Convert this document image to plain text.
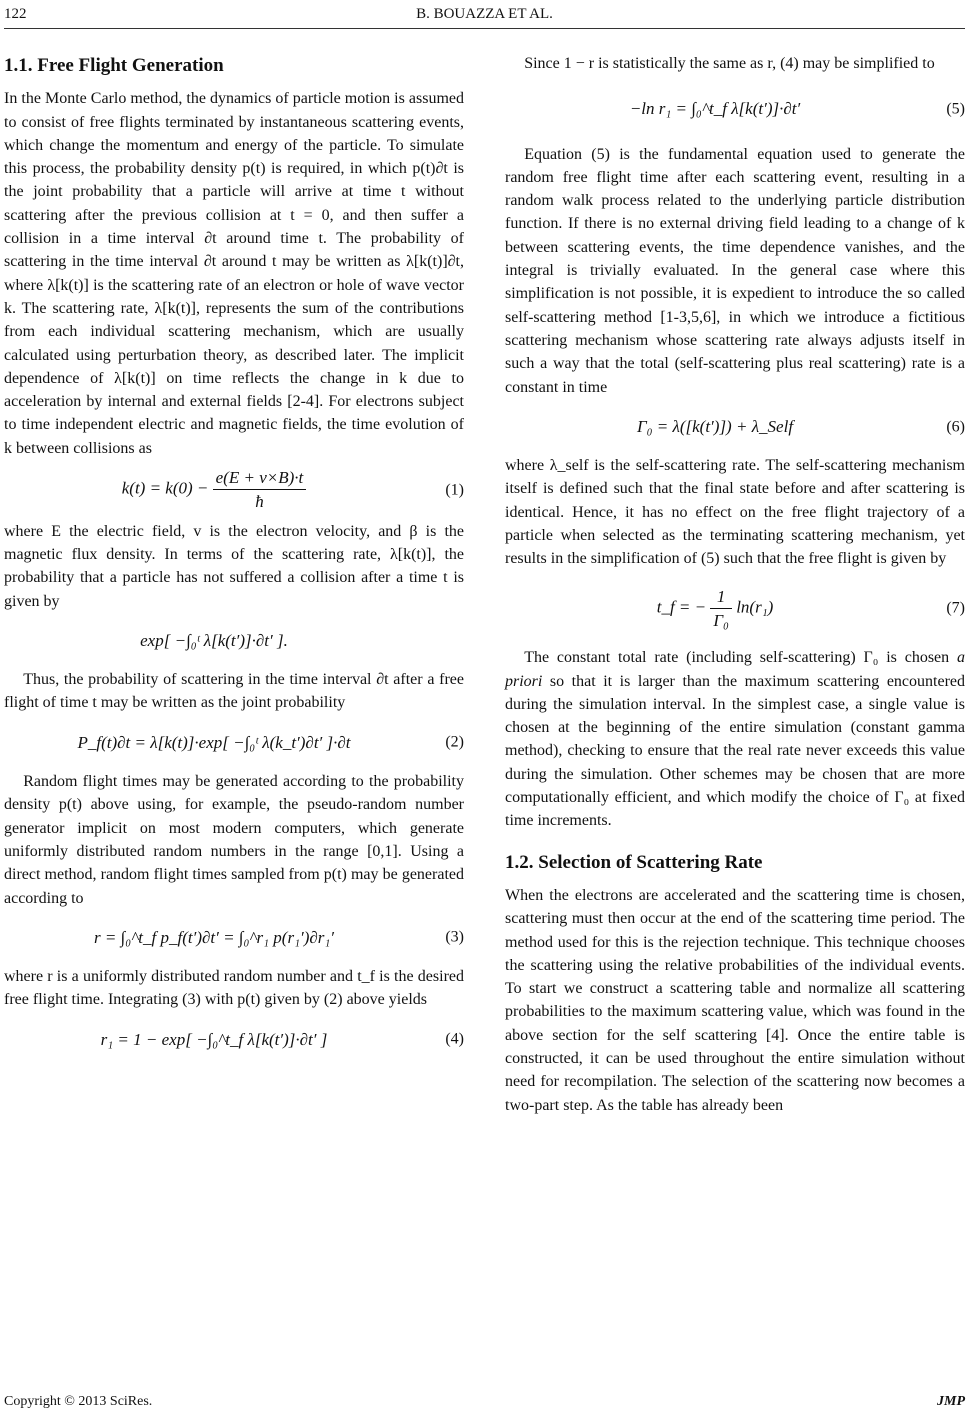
122	B. BOUAZZA ET AL.
1.1. Free Flight Generation

In the Monte Carlo method, the dynamics of particle motion is assumed to consist of free flights terminated by instantaneous scattering events, which change the momentum and energy of the particle. To simulate this process, the probability density p(t) is required, in which p(t)∂t is the joint probability that a particle will arrive at time t without scattering after the previous collision at t = 0, and then suffer a collision in a time interval ∂t around time t. The probability of scattering in the time interval ∂t around t may be written as λ[k(t)]∂t, where λ[k(t)] is the scattering rate of an electron or hole of wave vector k. The scattering rate, λ[k(t)], represents the sum of the contributions from each individual scattering mechanism, which are usually calculated using perturbation theory, as described later. The implicit dependence of λ[k(t)] on time reflects the change in k due to acceleration by internal and external fields [2-4]. For electrons subject to time independent electric and magnetic fields, the time evolution of k between collisions as

$k(t) = k(0) - \frac{e(E + v\times B)\cdot t}{ħ}$	(1)

where E the electric field, v is the electron velocity, and β is the magnetic flux density. In terms of the scattering rate, λ[k(t)], the probability that a particle has not suffered a collision after a time t is given by

exp[ −∫₀ᵗ λ[k(t′)]·∂t′ ].

Thus, the probability of scattering in the time interval ∂t after a free flight of time t may be written as the joint probability

P_f(t)∂t = λ[k(t)]·exp[ −∫₀ᵗ λ(k_t′)∂t′ ]·∂t	(2)

Random flight times may be generated according to the probability density p(t) above using, for example, the pseudo-random number generator implicit on most modern computers, which generate uniformly distributed random numbers in the range [0,1]. Using a direct method, random flight times sampled from p(t) may be generated according to

r = ∫₀^t_f p_f(t′)∂t′ = ∫₀^r₁ p(r₁′)∂r₁′	(3)

where r is a uniformly distributed random number and t_f is the desired free flight time. Integrating (3) with p(t) given by (2) above yields

r₁ = 1 − exp[ −∫₀^t_f λ[k(t′)]·∂t′ ]	(4)

Since 1 − r is statistically the same as r, (4) may be simplified to

−ln r₁ = ∫₀^t_f λ[k(t′)]·∂t′	(5)

Equation (5) is the fundamental equation used to generate the random free flight time after each scattering event, resulting in a random walk process related to the underlying particle distribution function. If there is no external driving field leading to a change of k between scattering events, the time dependence vanishes, and the integral is trivially evaluated. In the general case where this simplification is not possible, it is expedient to introduce the so called self-scattering method [1-3,5,6], in which we introduce a fictitious scattering mechanism whose scattering rate always adjusts itself in such a way that the total (self-scattering plus real scattering) rate is a constant in time

Γ₀ = λ([k(t′)]) + λ_Self	(6)

where λ_self is the self-scattering rate. The self-scattering mechanism itself is defined such that the final state before and after scattering is identical. Hence, it has no effect on the free flight trajectory of a particle when selected as the terminating scattering mechanism, yet results in the simplification of (5) such that the free flight is given by

t_f = − $\frac{1}{\text{Γ₀}} \ln(r_1)$	(7)

The constant total rate (including self-scattering) Γ₀ is chosen a priori so that it is larger than the maximum scattering encountered during the simulation interval. In the simplest case, a single value is chosen at the beginning of the entire simulation (constant gamma method), checking to ensure that the real rate never exceeds this value during the simulation. Other schemes may be chosen that are more computationally efficient, and which modify the choice of Γ₀ at fixed time increments.

1.2. Selection of Scattering Rate

When the electrons are accelerated and the scattering time is chosen, scattering must then occur at the end of the scattering time period. The method used for this is the rejection technique. This technique chooses the scattering using the relative probabilities of the individual events. To start we construct a scattering table and normalize all scattering probabilities to the maximum scattering value, which was found in the above section for the self scattering [4]. Once the entire table is constructed, it can be used throughout the entire simulation without need for recompilation. The selection of the scattering now becomes a two-part step. As the table has already been

Copyright © 2013 SciRes.	JMP
